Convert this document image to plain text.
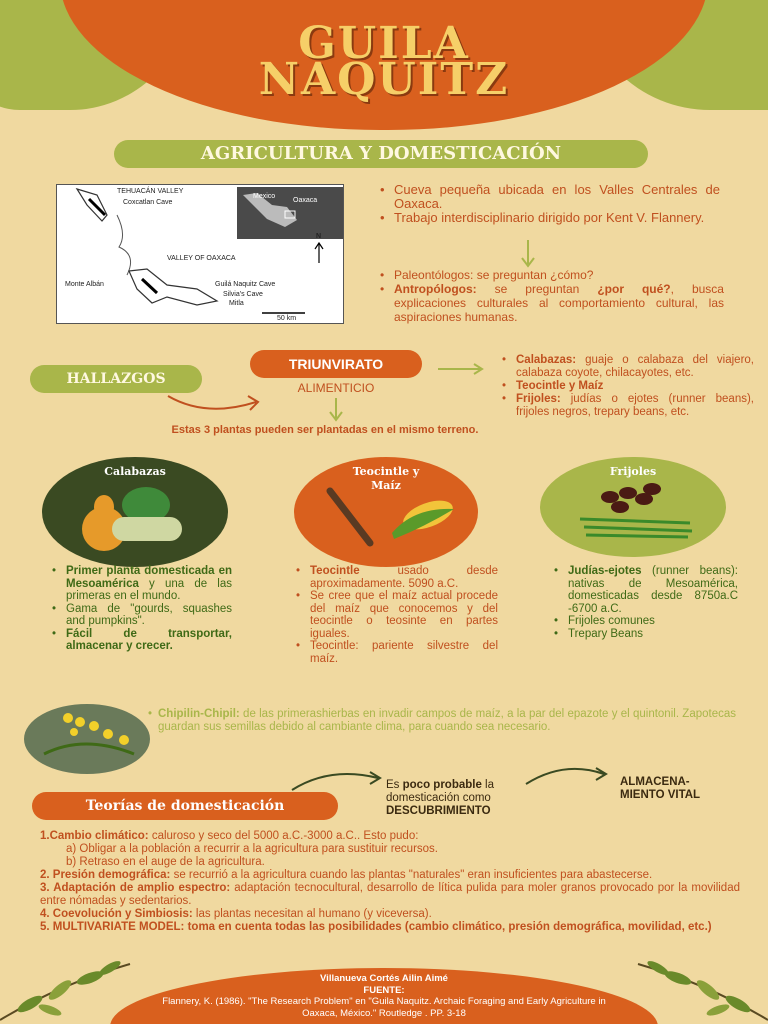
GUILA
NAQUITZ
AGRICULTURA Y DOMESTICACIÓN
TEHUACÁN VALLEY
Coxcatlan Cave
VALLEY OF OAXACA
Monte Albán	Guilá Naquitz Cave
Silvia's Cave
Mitla
Mexico
Oaxaca
N
50 km
• Cueva pequeña ubicada en los Valles Centrales de Oaxaca.
• Trabajo interdisciplinario dirigido por Kent V. Flannery.
• Paleontólogos: se preguntan ¿cómo?
• Antropólogos: se preguntan ¿por qué?, busca explicaciones culturales al comportamiento cultural, las aspiraciones humanas.
HALLAZGOS
TRIUNVIRATO
ALIMENTICIO
Estas 3 plantas pueden ser plantadas en el mismo terreno.
• Calabazas: guaje o calabaza del viajero, calabaza coyote, chilacayotes, etc.
• Teocintle y Maíz
• Frijoles: judías o ejotes (runner beans), frijoles negros, trepary beans, etc.
Calabazas	Teocintle y Maíz
Frijoles
• Primer planta domesticada en Mesoamérica y una de las primeras en el mundo.
• Gama de "gourds, squashes and pumpkins".
• Fácil de transportar, almacenar y crecer.
• Teocintle usado desde aproximadamente. 5090 a.C.
• Se cree que el maíz actual procede del maíz que conocemos y del teocintle o teosinte en partes iguales.
• Teocintle: pariente silvestre del maíz.
• Judías-ejotes (runner beans): nativas de Mesoamérica, domesticadas desde 8750a.C -6700 a.C.
• Frijoles comunes
• Trepary Beans
• Chipilin-Chipil: de las primerashierbas en invadir campos de maíz, a la par del epazote y el quintonil. Zapotecas guardan sus semillas debido al cambiante clima, para cuando sea necesario.
Teorías de domesticación
Es poco probable la domesticación como DESCUBRIMIENTO
ALMACENA-MIENTO VITAL
1.Cambio climático: caluroso y seco del 5000 a.C.-3000 a.C.. Esto pudo:
a) Obligar a la población a recurrir a la agricultura para sustituir recursos.
b) Retraso en el auge de la agricultura.
2. Presión demográfica: se recurrió a la agricultura cuando las plantas "naturales" eran insuficientes para abastecerse.
3. Adaptación de amplio espectro: adaptación tecnocultural, desarrollo de lítica pulida para moler granos provocado por la movilidad entre nómadas y sedentarios.
4. Coevolución y Simbiosis: las plantas necesitan al humano (y viceversa).
5. MULTIVARIATE MODEL: toma en cuenta todas las posibilidades (cambio climático, presión demográfica, movilidad, etc.)
Villanueva Cortés Ailin Aimé
FUENTE:
Flannery, K. (1986). "The Research Problem" en "Guila Naquitz. Archaic Foraging and Early Agriculture in Oaxaca, México." Routledge . PP. 3-18
